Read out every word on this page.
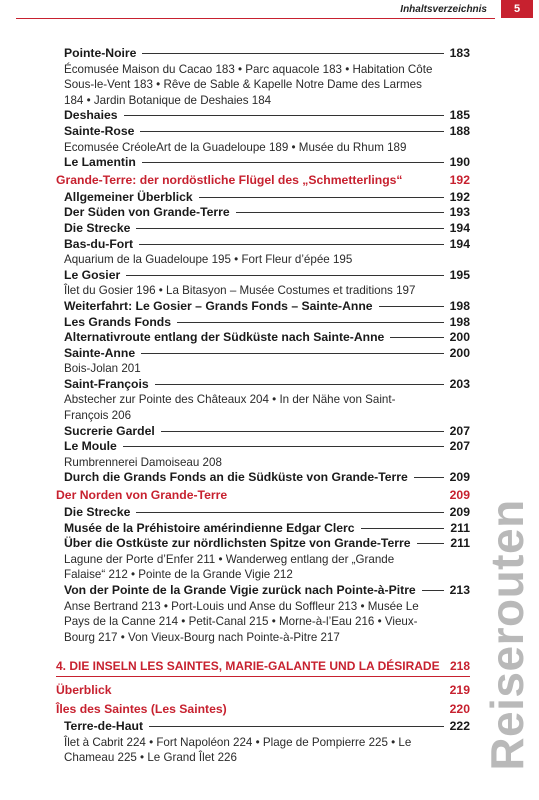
Inhaltsverzeichnis	5
Pointe-Noire	183
Écomusée Maison du Cacao 183 • Parc aquacole 183 • Habitation Côte
Sous-le-Vent 183 • Rêve de Sable & Kapelle Notre Dame des Larmes
184 • Jardin Botanique de Deshaies 184
Deshaies	185
Sainte-Rose	188
Ecomusée CréoleArt de la Guadeloupe 189 • Musée du Rhum 189
Le Lamentin	190
Grande-Terre: der nordöstliche Flügel des „Schmetterlings“	192
Allgemeiner Überblick	192
Der Süden von Grande-Terre	193
Die Strecke	194
Bas-du-Fort	194
Aquarium de la Guadeloupe 195 • Fort Fleur d’épée 195
Le Gosier	195
Îlet du Gosier 196 • La Bitasyon – Musée Costumes et traditions 197
Weiterfahrt: Le Gosier – Grands Fonds – Sainte-Anne	198
Les Grands Fonds	198
Alternativroute entlang der Südküste nach Sainte-Anne	200
Sainte-Anne	200
Bois-Jolan 201
Saint-François	203
Abstecher zur Pointe des Châteaux 204 • In der Nähe von Saint-
François 206
Sucrerie Gardel	207
Le Moule	207
Rumbrennerei Damoiseau 208
Durch die Grands Fonds an die Südküste von Grande-Terre	209
Der Norden von Grande-Terre	209
Die Strecke	209
Musée de la Préhistoire amérindienne Edgar Clerc	211
Über die Ostküste zur nördlichsten Spitze von Grande-Terre	211
Lagune der Porte d’Enfer 211 • Wanderweg entlang der „Grande
Falaise“ 212 • Pointe de la Grande Vigie 212
Von der Pointe de la Grande Vigie zurück nach Pointe-à-Pitre	213
Anse Bertrand 213 • Port-Louis und Anse du Soffleur 213 • Musée Le
Pays de la Canne 214 • Petit-Canal 215 • Morne-à-l’Eau 216 • Vieux-
Bourg 217 • Von Vieux-Bourg nach Pointe-à-Pitre 217
4. DIE INSELN LES SAINTES, MARIE-GALANTE UND LA DÉSIRADE 218
Überblick	219
Îles des Saintes (Les Saintes)	220
Terre-de-Haut	222
Îlet à Cabrit 224 • Fort Napoléon 224 • Plage de Pompierre 225 • Le
Chameau 225 • Le Grand Îlet 226	Reiserouten
